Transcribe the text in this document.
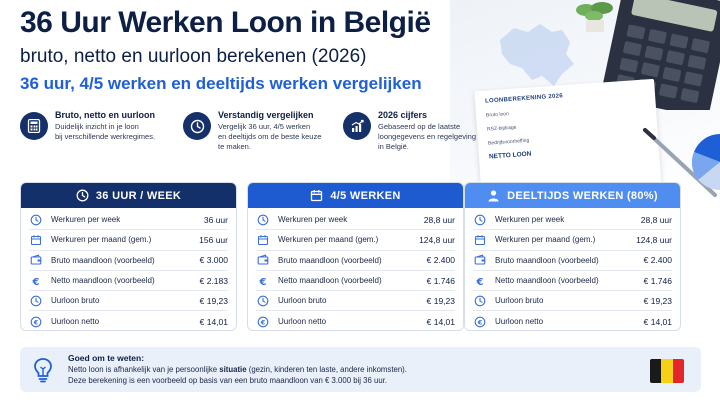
LOONBEREKENING 2026
Bruto loon
RSZ-bijdrage
Bedrijfsvoorheffing
NETTO LOON
36 Uur Werken Loon in België
bruto, netto en uurloon berekenen (2026)
36 uur, 4/5 werken en deeltijds werken vergelijken
Bruto, netto en uurloon
Duidelijk inzicht in je loon
bij verschillende werkregimes.
Verstandig vergelijken
Vergelijk 36 uur, 4/5 werken
en deeltijds om de beste keuze
te maken.
2026 cijfers
Gebaseerd op de laatste
loongegevens en regelgeving
in België.
36 UUR / WEEK
Werkuren per week	36 uur
Werkuren per maand (gem.)	156 uur
Bruto maandloon (voorbeeld)	€ 3.000
€ Netto maandloon (voorbeeld)	€ 2.183
Uurloon bruto	€ 19,23
€ Uurloon netto	€ 14,01
4/5 WERKEN
Werkuren per week	28,8 uur
Werkuren per maand (gem.)	124,8 uur
Bruto maandloon (voorbeeld)	€ 2.400
€ Netto maandloon (voorbeeld)	€ 1.746
Uurloon bruto	€ 19,23
€ Uurloon netto	€ 14,01
DEELTIJDS WERKEN (80%)
Werkuren per week	28,8 uur
Werkuren per maand (gem.)	124,8 uur
Bruto maandloon (voorbeeld)	€ 2.400
€ Netto maandloon (voorbeeld)	€ 1.746
Uurloon bruto	€ 19,23
€ Uurloon netto	€ 14,01
Goed om te weten:
Netto loon is afhankelijk van je persoonlijke situatie (gezin, kinderen ten laste, andere inkomsten).
Deze berekening is een voorbeeld op basis van een bruto maandloon van € 3.000 bij 36 uur.
